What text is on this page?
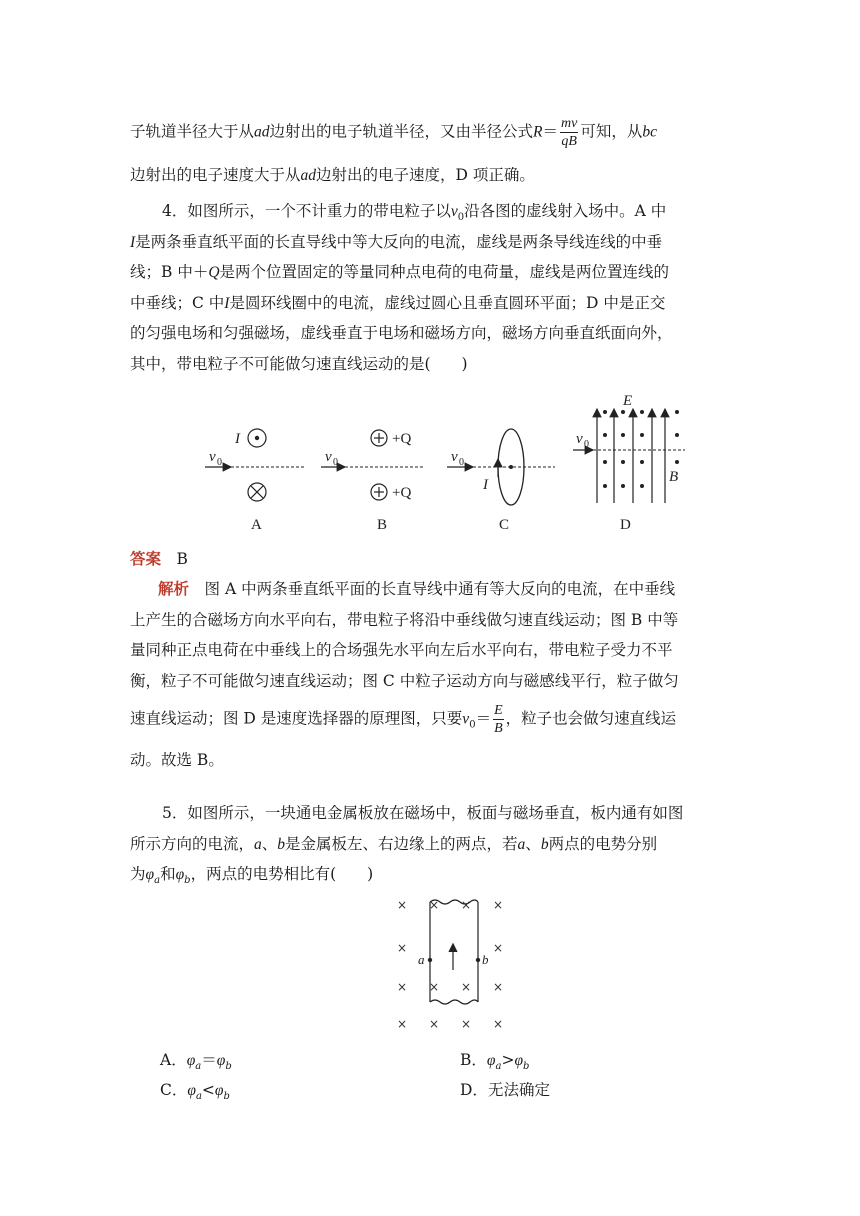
子轨道半径大于从ad边射出的电子轨道半径，又由半径公式$R= \frac{mv}{qB}$ 可知，从bc
边射出的电子速度大于从ad边射出的电子速度，D 项正确。
4．如图所示，一个不计重力的带电粒子以$v_0$沿各图的虚线射入场中。A 中
I是两条垂直纸平面的长直导线中等大反向的电流，虚线是两条导线连线的中垂
线；B 中＋Q是两个位置固定的等量同种点电荷的电荷量，虚线是两位置连线的
中垂线；C 中I是圆环线圈中的电流，虚线过圆心且垂直圆环平面；D 中是正交
的匀强电场和匀强磁场，虚线垂直于电场和磁场方向，磁场方向垂直纸面向外，
其中，带电粒子不可能做匀速直线运动的是(　　)
v 0
I
A
v 0
+Q
+Q
B
v 0
I
C
v 0
E
B
D
答案　 B
解析　 图 A 中两条垂直纸平面的长直导线中通有等大反向的电流，在中垂线
上产生的合磁场方向水平向右，带电粒子将沿中垂线做匀速直线运动；图 B 中等
量同种正点电荷在中垂线上的合场强先水平向左后水平向右，带电粒子受力不平
衡，粒子不可能做匀速直线运动；图 C 中粒子运动方向与磁感线平行，粒子做匀
速直线运动；图 D 是速度选择器的原理图，只要$v_0= \frac{E}{B}$ ，粒子也会做匀速直线运
动。故选 B。
5．如图所示，一块通电金属板放在磁场中，板面与磁场垂直，板内通有如图
所示方向的电流，a、b是金属板左、右边缘上的两点，若a、b两点的电势分别
为$\varphi_a$和$\varphi_b$，两点的电势相比有(　　)
× × × ×
×	×
× × × ×
× × × ×
a	b
A．$\varphi_a=\varphi_b$	B．$\varphi_a>\varphi_b$
C．$\varphi_a<\varphi_b$	D．无法确定
